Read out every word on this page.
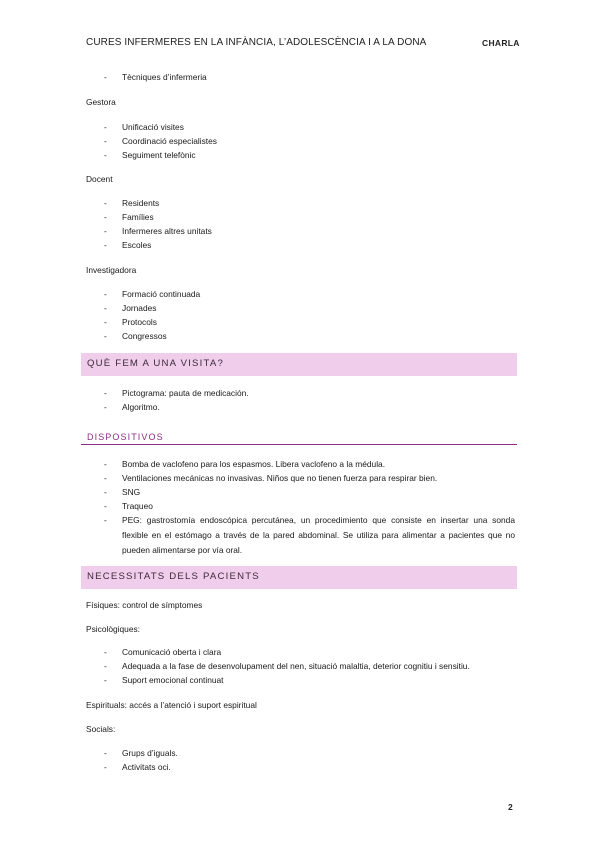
CURES INFERMERES EN LA INFÀNCIA, L’ADOLESCÈNCIA I A LA DONA	CHARLA
- Tècniques d’infermeria
Gestora
- Unificació visites
- Coordinació especialistes
- Seguiment telefònic
Docent
- Residents
- Famílies
- Infermeres altres unitats
- Escoles
Investigadora
- Formació continuada
- Jornades
- Protocols
- Congressos
QUÈ FEM A UNA VISITA?
- Pictograma: pauta de medicación.
- Algoritmo.
DISPOSITIVOS
- Bomba de vaclofeno para los espasmos. Libera vaclofeno a la médula.
- Ventilaciones mecánicas no invasivas. Niños que no tienen fuerza para respirar bien.
- SNG
- Traqueo
- PEG: gastrostomía endoscópica percutánea, un procedimiento que consiste en insertar una sonda flexible en el estómago a través de la pared abdominal. Se utiliza para alimentar a pacientes que no pueden alimentarse por vía oral.
NECESSITATS DELS PACIENTS
Físiques: control de símptomes
Psicològiques:
- Comunicació oberta i clara
- Adequada a la fase de desenvolupament del nen, situació malaltia, deterior cognitiu i sensitiu.
- Suport emocional continuat
Espirituals: accés a l’atenció i suport espiritual
Socials:
- Grups d’iguals.
- Activitats oci.
2
